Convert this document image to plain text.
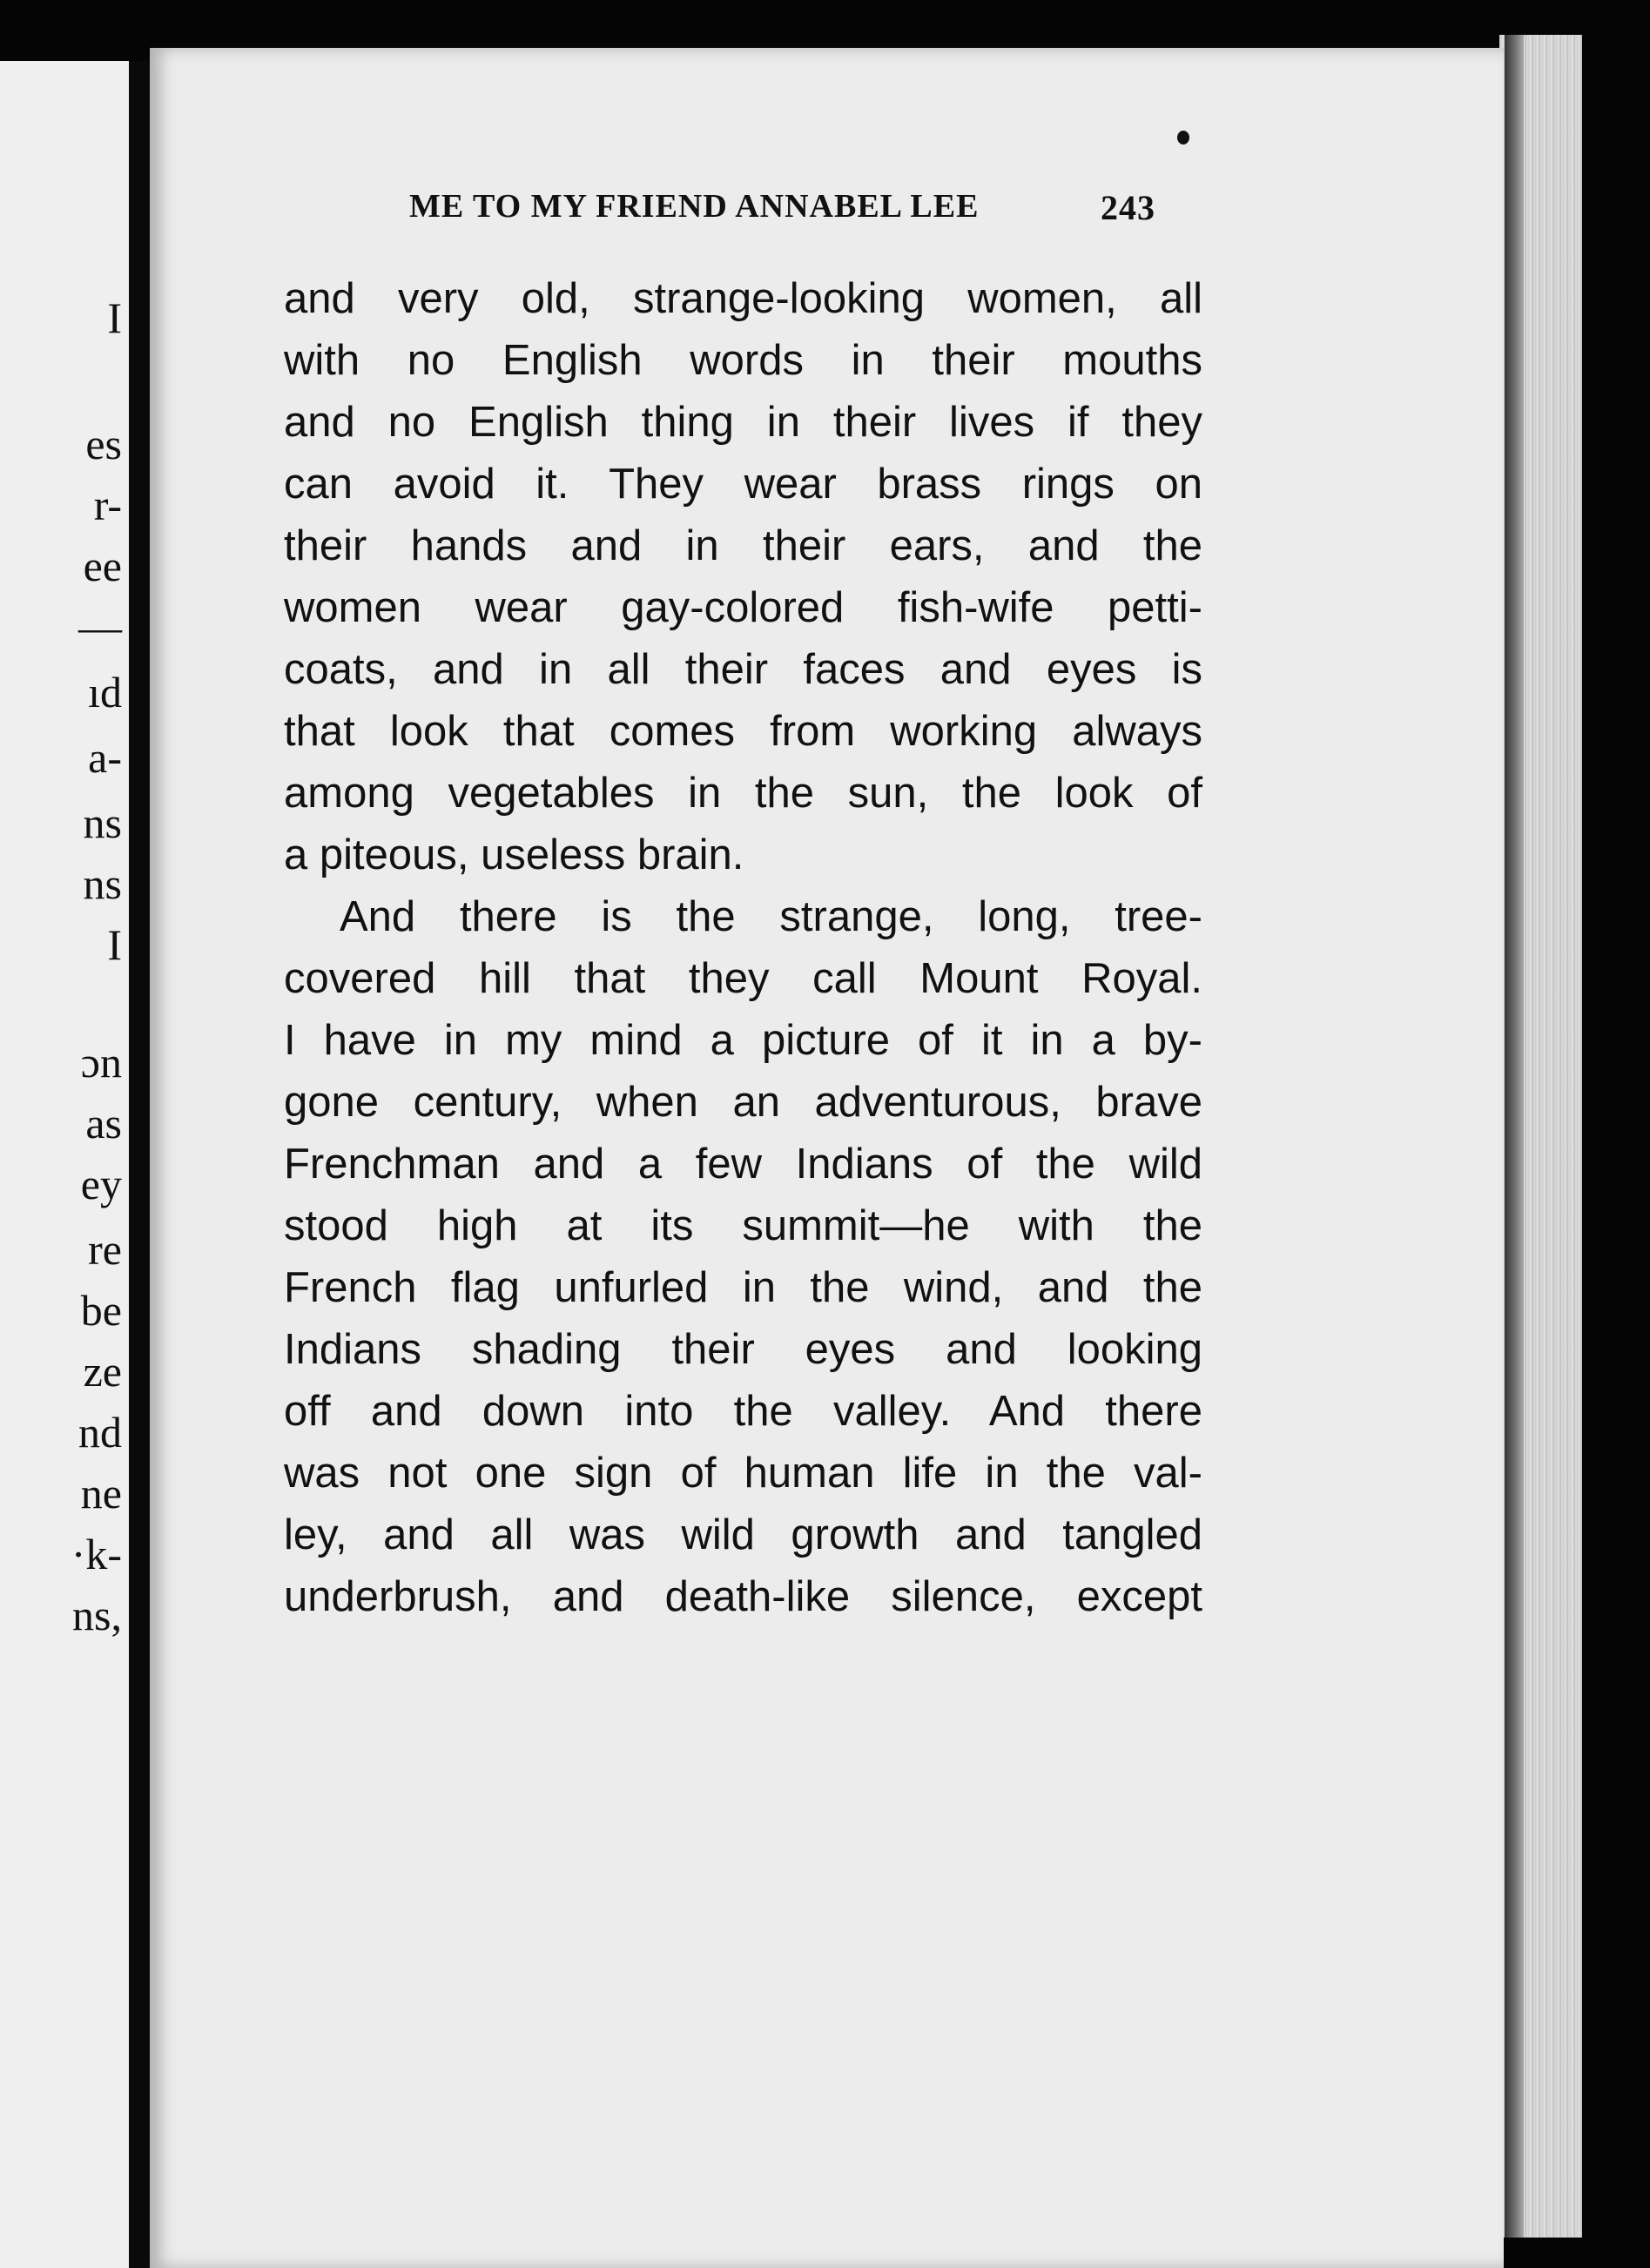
I
es
r-
ee
—
ıd
a-
ns
ns
I
ɔn
as
ey
re
be
ze
nd
ne
·k-
ns,
ME TO MY FRIEND ANNABEL LEE	243
and very old, strange-looking women, all
with no English words in their mouths
and no English thing in their lives if they
can avoid it. They wear brass rings on
their hands and in their ears, and the
women wear gay-colored fish-wife petti-
coats, and in all their faces and eyes is
that look that comes from working always
among vegetables in the sun, the look of
a piteous, useless brain.
And there is the strange, long, tree-
covered hill that they call Mount Royal.
I have in my mind a picture of it in a by-
gone century, when an adventurous, brave
Frenchman and a few Indians of the wild
stood high at its summit—he with the
French flag unfurled in the wind, and the
Indians shading their eyes and looking
off and down into the valley. And there
was not one sign of human life in the val-
ley, and all was wild growth and tangled
underbrush, and death-like silence, except
